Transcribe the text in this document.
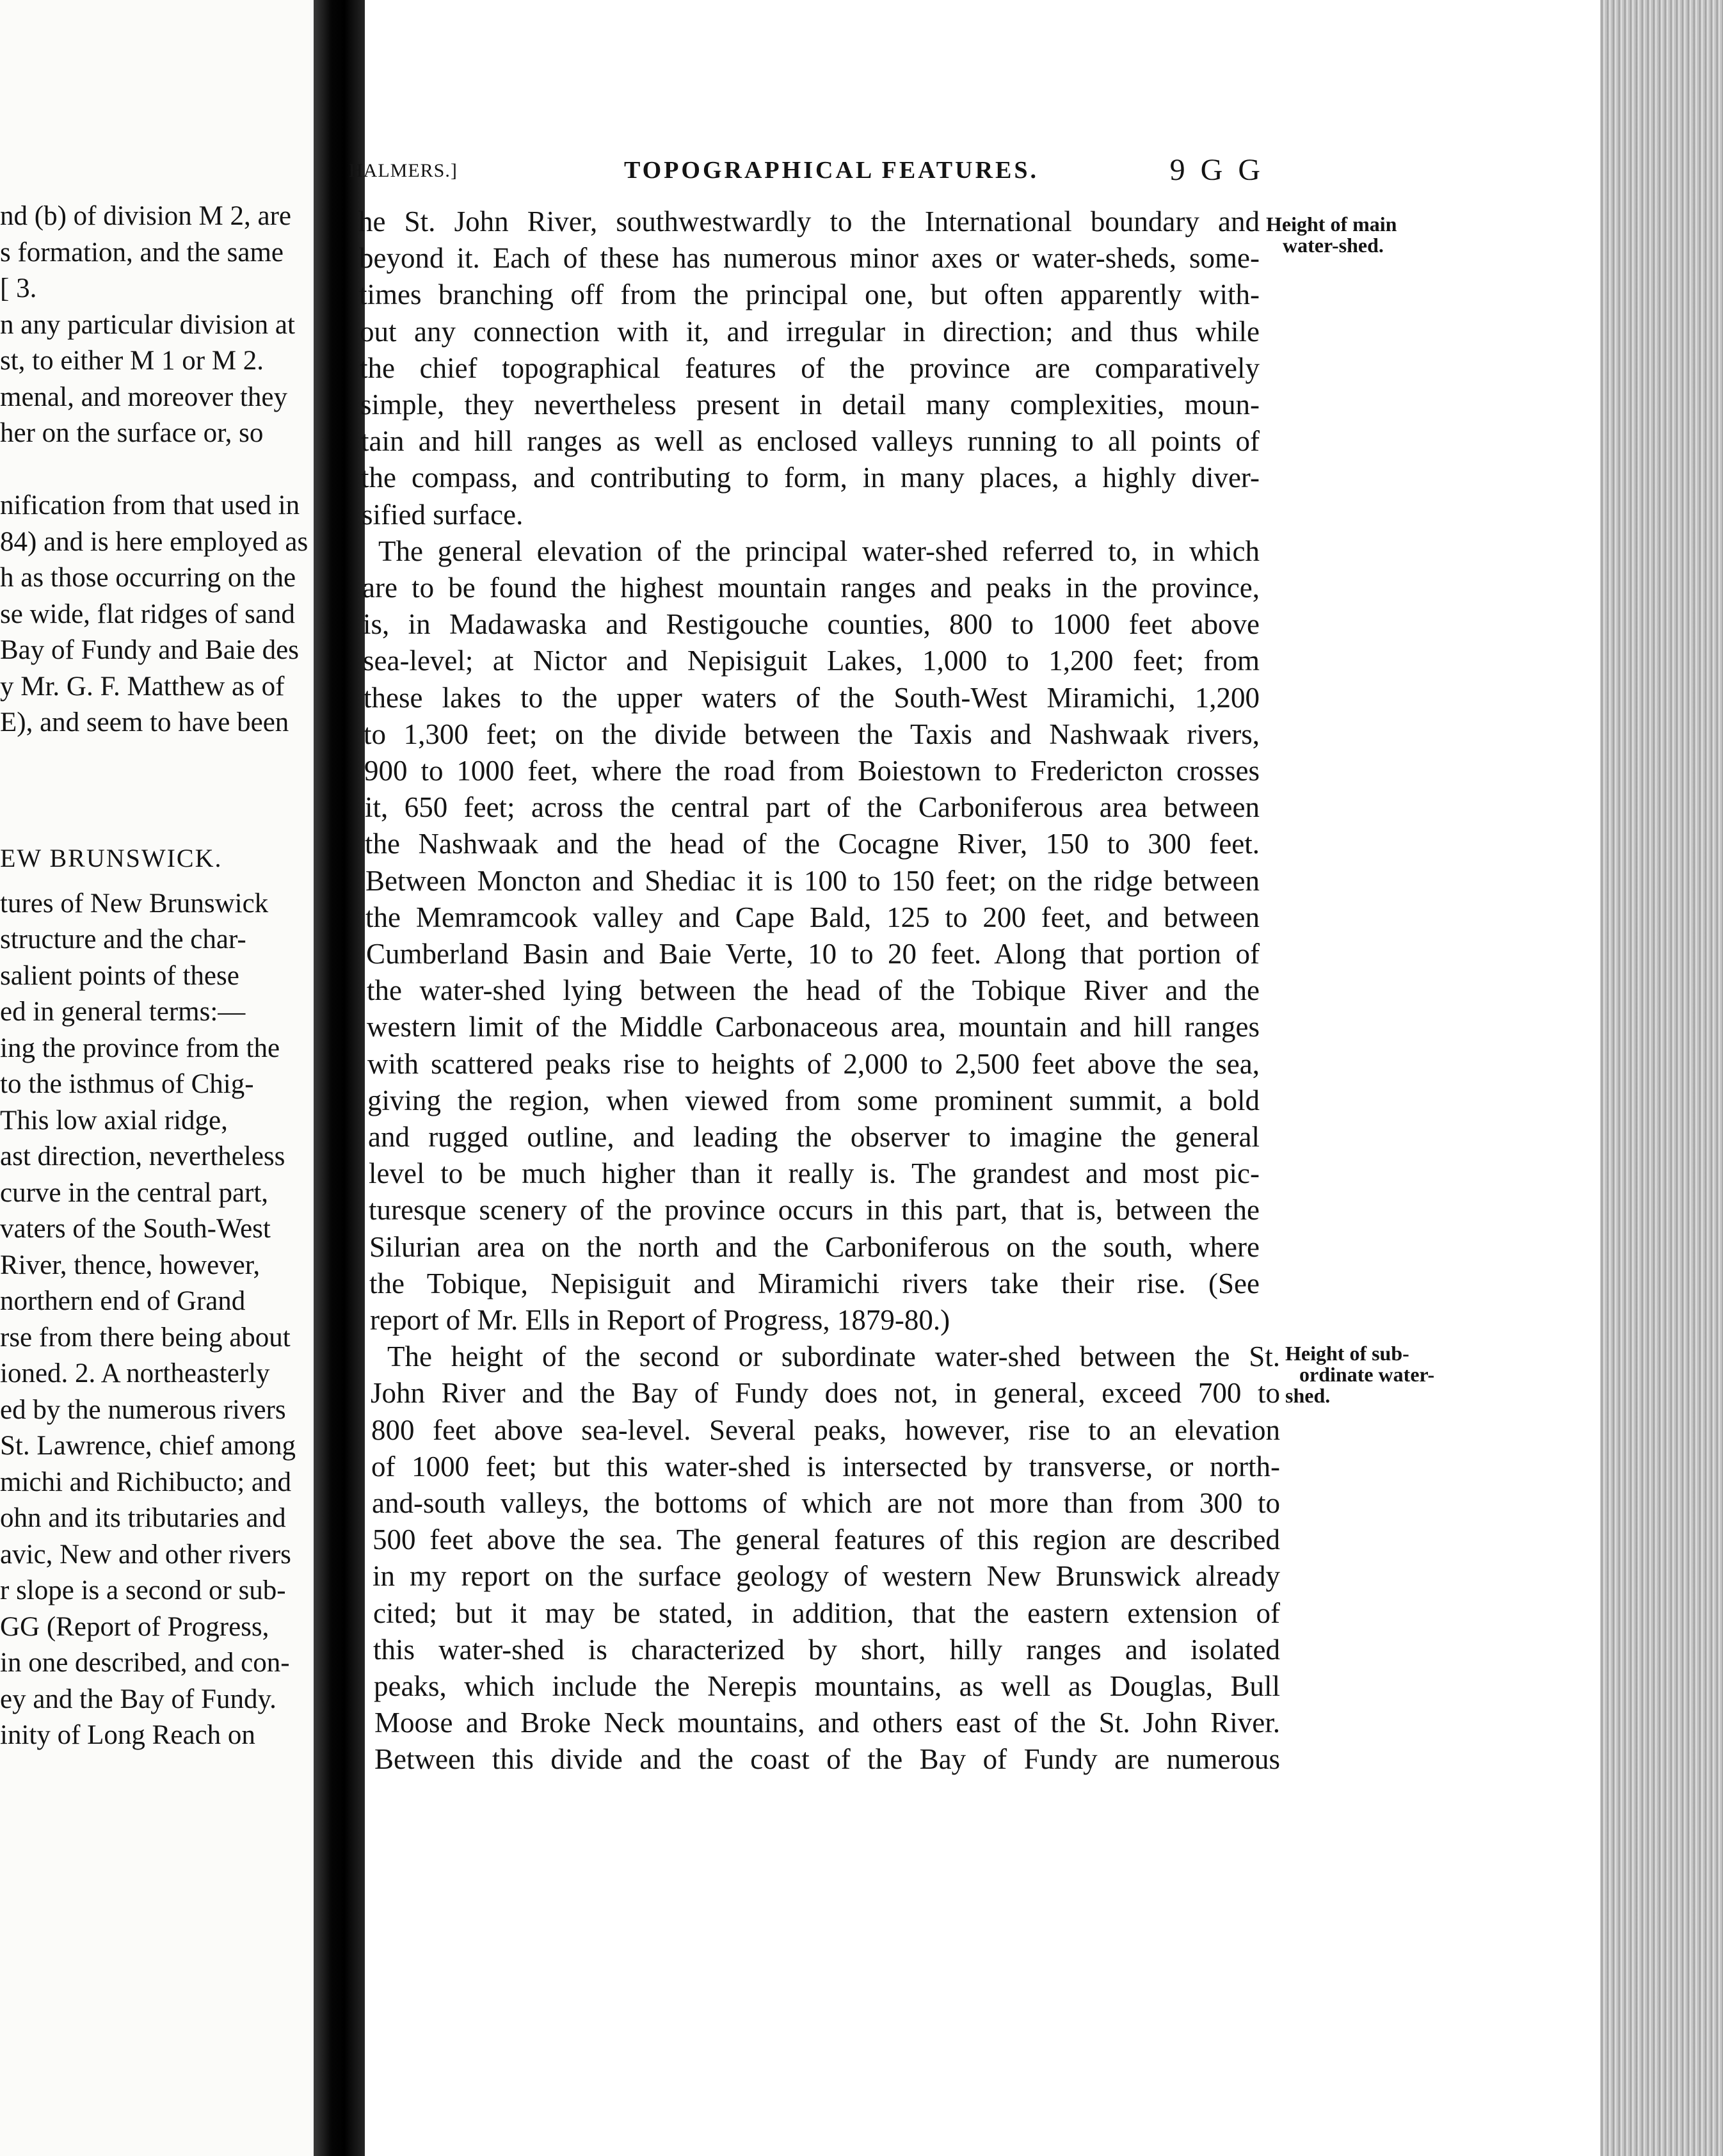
nd (b) of division M 2, are
s formation, and the same
[ 3.
n any particular division at
st, to either M 1 or M 2.
menal, and moreover they
her on the surface or, so
nification from that used in
84) and is here employed as
h as those occurring on the
se wide, flat ridges of sand
Bay of Fundy and Baie des
y Mr. G. F. Matthew as of
E), and seem to have been
tures of New Brunswick
structure and the char-
salient points of these
ed in general terms:—
ing the province from the
to the isthmus of Chig-
This low axial ridge,
ast direction, nevertheless
curve in the central part,
vaters of the South-West
River, thence, however,
northern end of Grand
rse from there being about
ioned. 2. A northeasterly
ed by the numerous rivers
St. Lawrence, chief among
michi and Richibucto; and
ohn and its tributaries and
avic, New and other rivers
r slope is a second or sub-
GG (Report of Progress,
in one described, and con-
ey and the Bay of Fundy.
inity of Long Reach on
EW BRUNSWICK.
HALMERS.]	TOPOGRAPHICAL FEATURES.	9 G G
he St. John River, southwestwardly to the International boundary and
beyond it. Each of these has numerous minor axes or water-sheds, some-
times branching off from the principal one, but often apparently with-
out any connection with it, and irregular in direction; and thus while
the chief topographical features of the province are comparatively
simple, they nevertheless present in detail many complexities, moun-
tain and hill ranges as well as enclosed valleys running to all points of
the compass, and contributing to form, in many places, a highly diver-
sified surface.
The general elevation of the principal water-shed referred to, in which
are to be found the highest mountain ranges and peaks in the province,
is, in Madawaska and Restigouche counties, 800 to 1000 feet above
sea-level; at Nictor and Nepisiguit Lakes, 1,000 to 1,200 feet; from
these lakes to the upper waters of the South-West Miramichi, 1,200
to 1,300 feet; on the divide between the Taxis and Nashwaak rivers,
900 to 1000 feet, where the road from Boiestown to Fredericton crosses
it, 650 feet; across the central part of the Carboniferous area between
the Nashwaak and the head of the Cocagne River, 150 to 300 feet.
Between Moncton and Shediac it is 100 to 150 feet; on the ridge between
the Memramcook valley and Cape Bald, 125 to 200 feet, and between
Cumberland Basin and Baie Verte, 10 to 20 feet. Along that portion of
the water-shed lying between the head of the Tobique River and the
western limit of the Middle Carbonaceous area, mountain and hill ranges
with scattered peaks rise to heights of 2,000 to 2,500 feet above the sea,
giving the region, when viewed from some prominent summit, a bold
and rugged outline, and leading the observer to imagine the general
level to be much higher than it really is. The grandest and most pic-
turesque scenery of the province occurs in this part, that is, between the
Silurian area on the north and the Carboniferous on the south, where
the Tobique, Nepisiguit and Miramichi rivers take their rise. (See
report of Mr. Ells in Report of Progress, 1879-80.)
The height of the second or subordinate water-shed between the St.
John River and the Bay of Fundy does not, in general, exceed 700 to
800 feet above sea-level. Several peaks, however, rise to an elevation
of 1000 feet; but this water-shed is intersected by transverse, or north-
and-south valleys, the bottoms of which are not more than from 300 to
500 feet above the sea. The general features of this region are described
in my report on the surface geology of western New Brunswick already
cited; but it may be stated, in addition, that the eastern extension of
this water-shed is characterized by short, hilly ranges and isolated
peaks, which include the Nerepis mountains, as well as Douglas, Bull
Moose and Broke Neck mountains, and others east of the St. John River.
Between this divide and the coast of the Bay of Fundy are numerous
Height of main
water-shed.
Height of sub-
ordinate water-
shed.
